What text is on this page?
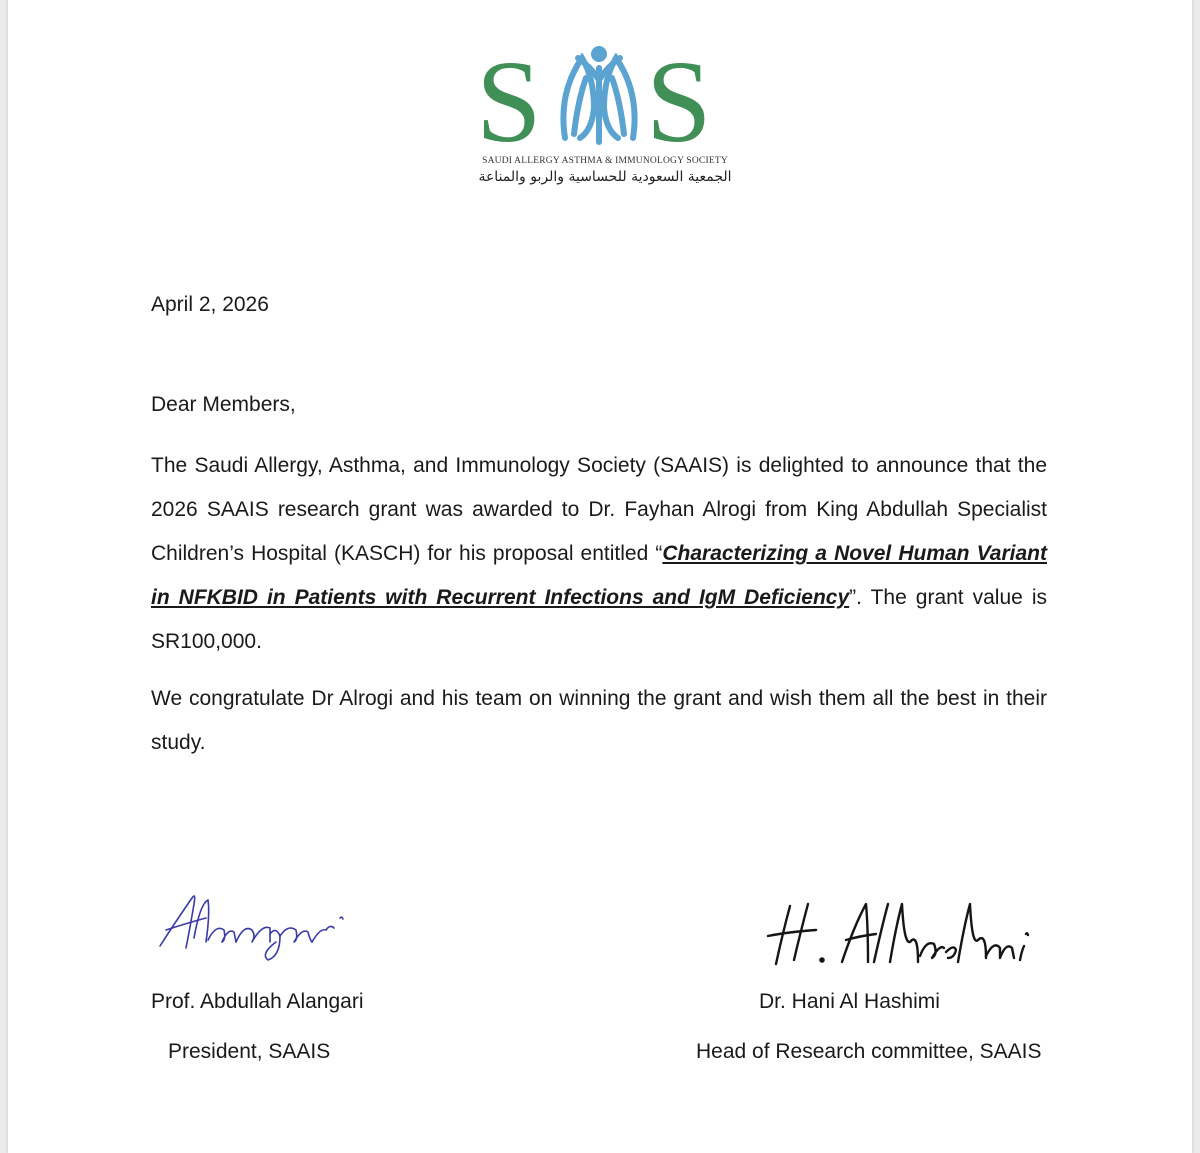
S S
SAUDI ALLERGY ASTHMA & IMMUNOLOGY SOCIETY
الجمعية السعودية للحساسية والربو والمناعة
April 2, 2026
Dear Members,
The Saudi Allergy, Asthma, and Immunology Society (SAAIS) is delighted to announce that the 2026 SAAIS research grant was awarded to Dr. Fayhan Alrogi from King Abdullah Specialist Children’s Hospital (KASCH) for his proposal entitled “Characterizing a Novel Human Variant in NFKBID in Patients with Recurrent Infections and IgM Deficiency”. The grant value is SR100,000.
We congratulate Dr Alrogi and his team on winning the grant and wish them all the best in their study.
Prof. Abdullah Alangari
President, SAAIS
Dr. Hani Al Hashimi
Head of Research committee, SAAIS
